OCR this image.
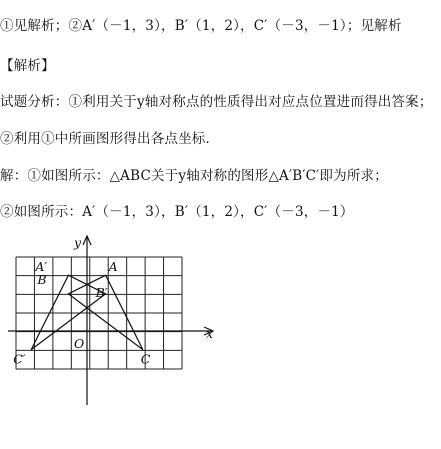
①见解析；②A′（－1，3），B′（1，2），C′（－3，－1）；见解析
【解析】
试题分析：①利用关于y轴对称点的性质得出对应点位置进而得出答案；
②利用①中所画图形得出各点坐标．
解：①如图所示：△ABC关于y轴对称的图形△A′B′C′即为所求；
②如图所示：A′（－1，3），B′（1，2），C′（－3，－1）
x
y
O
A
B
C
A′
B′
C′
